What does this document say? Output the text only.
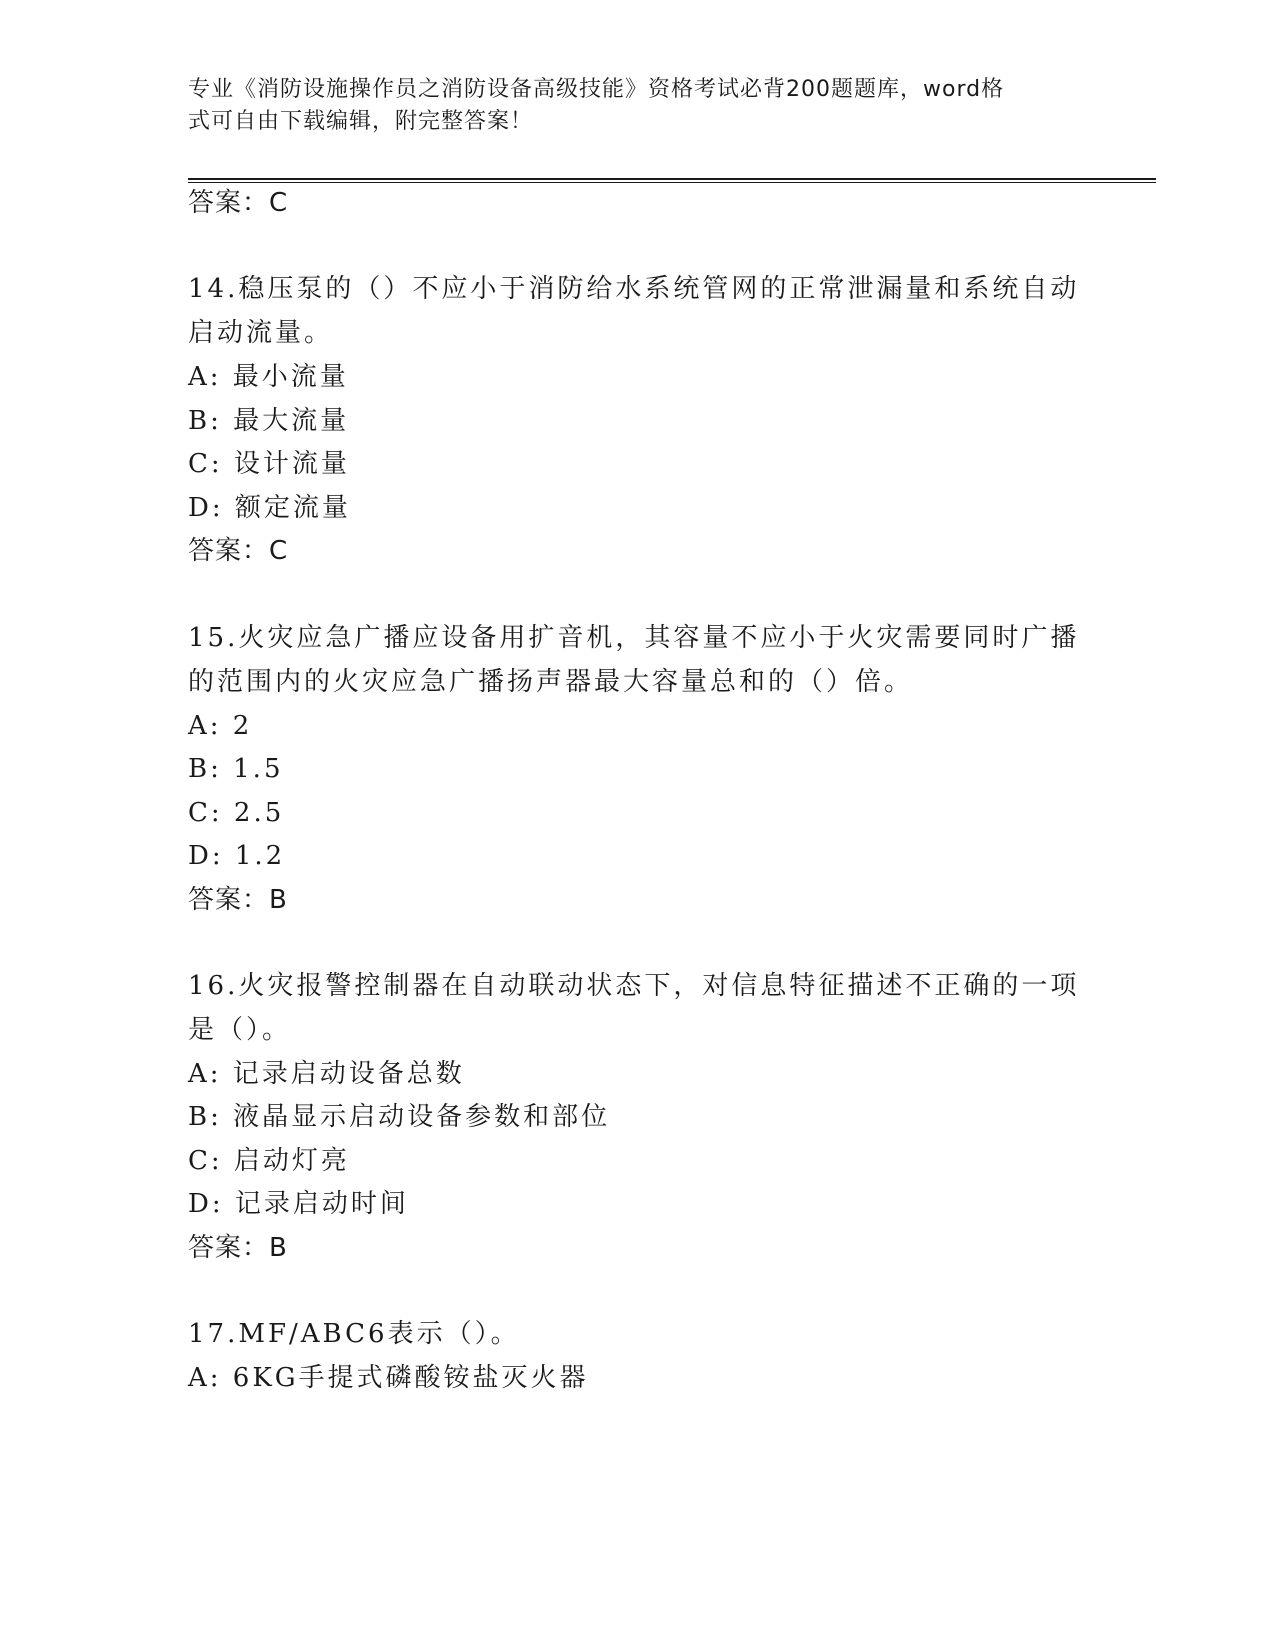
专业《消防设施操作员之消防设备高级技能》资格考试必背200题题库，word格
式可自由下载编辑，附完整答案！
答案：C
14.稳压泵的（）不应小于消防给水系统管网的正常泄漏量和系统自动
启动流量。
A: 最小流量
B: 最大流量
C: 设计流量
D: 额定流量
答案：C
15.火灾应急广播应设备用扩音机，其容量不应小于火灾需要同时广播
的范围内的火灾应急广播扬声器最大容量总和的（）倍。
A: 2
B: 1.5
C: 2.5
D: 1.2
答案：B
16.火灾报警控制器在自动联动状态下，对信息特征描述不正确的一项
是（）。
A: 记录启动设备总数
B: 液晶显示启动设备参数和部位
C: 启动灯亮
D: 记录启动时间
答案：B
17.MF/ABC6表示（）。
A: 6KG手提式磷酸铵盐灭火器
